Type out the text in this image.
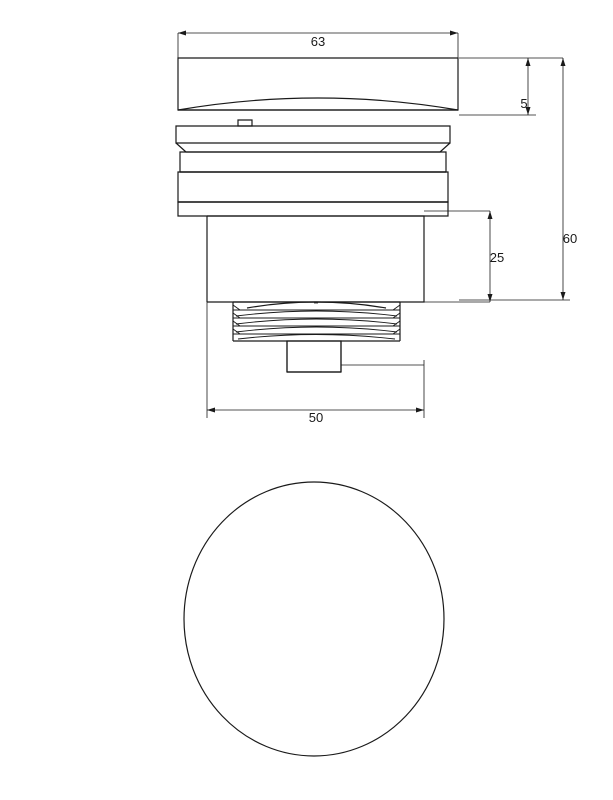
63
5
25
60
50
